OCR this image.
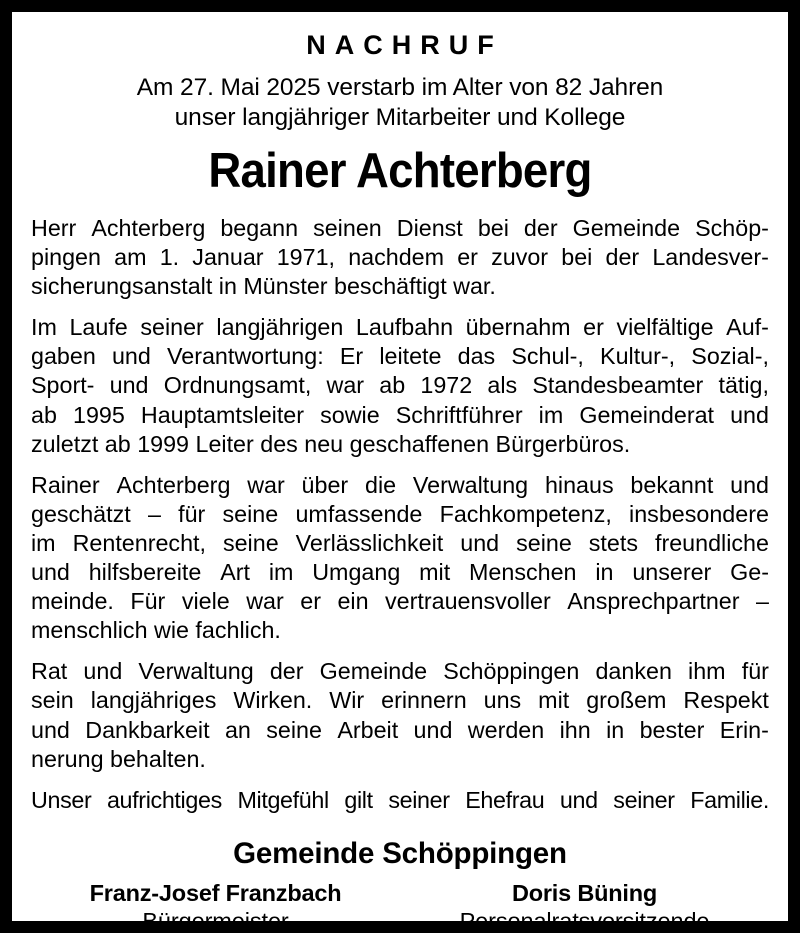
NACHRUF
Am 27. Mai 2025 verstarb im Alter von 82 Jahren
unser langjähriger Mitarbeiter und Kollege
Rainer Achterberg
Herr Achterberg begann seinen Dienst bei der Gemeinde Schöp-
pingen am 1. Januar 1971, nachdem er zuvor bei der Landesver-
sicherungsanstalt in Münster beschäftigt war.
Im Laufe seiner langjährigen Laufbahn übernahm er vielfältige Auf-
gaben und Verantwortung: Er leitete das Schul-, Kultur-, Sozial-,
Sport- und Ordnungsamt, war ab 1972 als Standesbeamter tätig,
ab 1995 Hauptamtsleiter sowie Schriftführer im Gemeinderat und
zuletzt ab 1999 Leiter des neu geschaffenen Bürgerbüros.
Rainer Achterberg war über die Verwaltung hinaus bekannt und
geschätzt – für seine umfassende Fachkompetenz, insbesondere
im Rentenrecht, seine Verlässlichkeit und seine stets freundliche
und hilfsbereite Art im Umgang mit Menschen in unserer Ge-
meinde. Für viele war er ein vertrauensvoller Ansprechpartner –
menschlich wie fachlich.
Rat und Verwaltung der Gemeinde Schöppingen danken ihm für
sein langjähriges Wirken. Wir erinnern uns mit großem Respekt
und Dankbarkeit an seine Arbeit und werden ihn in bester Erin-
nerung behalten.
Unser aufrichtiges Mitgefühl gilt seiner Ehefrau und seiner Familie.
Gemeinde Schöppingen
Franz-Josef Franzbach
Bürgermeister
Doris Büning
Personalratsvorsitzende
